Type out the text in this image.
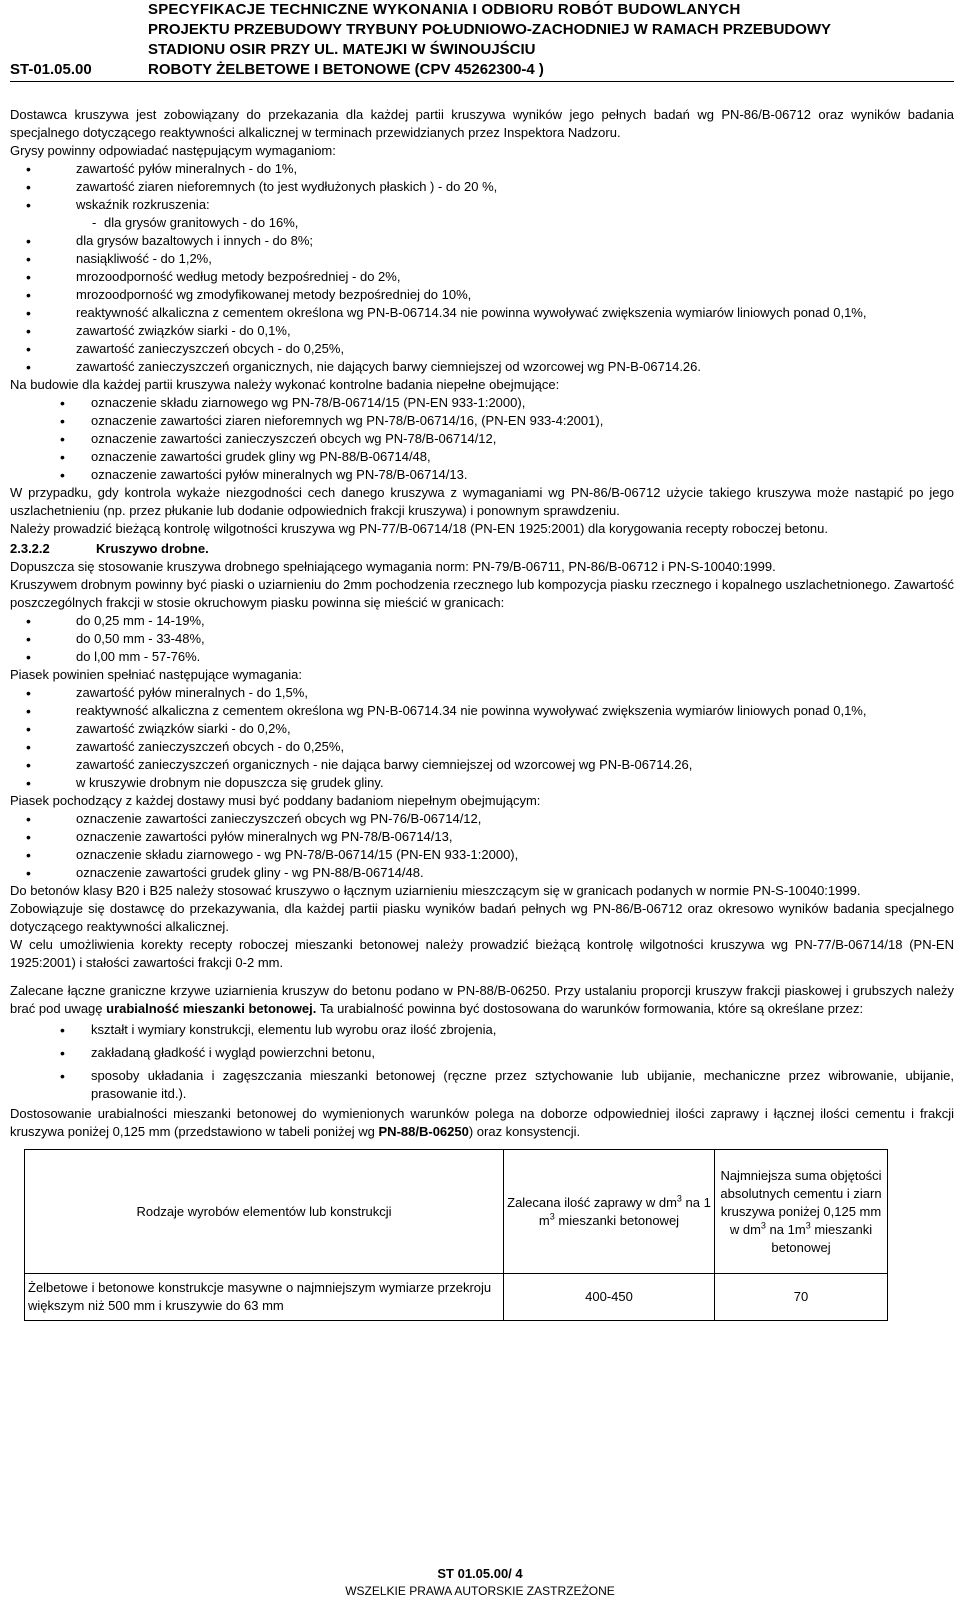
SPECYFIKACJE TECHNICZNE WYKONANIA I ODBIORU ROBÓT BUDOWLANYCH
PROJEKTU PRZEBUDOWY TRYBUNY POŁUDNIOWO-ZACHODNIEJ W RAMACH PRZEBUDOWY
STADIONU OSIR PRZY UL. MATEJKI W ŚWINOUJŚCIU
ST-01.05.00	ROBOTY ŻELBETOWE I BETONOWE (CPV 45262300-4 )

Dostawca kruszywa jest zobowiązany do przekazania dla każdej partii kruszywa wyników jego pełnych badań wg PN-86/B-06712 oraz wyników badania specjalnego dotyczącego reaktywności alkalicznej w terminach przewidzianych przez Inspektora Nadzoru.

Grysy powinny odpowiadać następującym wymaganiom:

• zawartość pyłów mineralnych - do 1%,
• zawartość ziaren nieforemnych (to jest wydłużonych płaskich ) - do 20 %,
• wskaźnik rozkruszenia:
- dla grysów granitowych - do 16%,
• dla grysów bazaltowych i innych - do 8%;
• nasiąkliwość - do 1,2%,
• mrozoodporność według metody bezpośredniej - do 2%,
• mrozoodporność wg zmodyfikowanej metody bezpośredniej do 10%,
• reaktywność alkaliczna z cementem określona wg PN-B-06714.34 nie powinna wywoływać zwiększenia wymiarów liniowych ponad 0,1%,
• zawartość związków siarki - do 0,1%,
• zawartość zanieczyszczeń obcych - do 0,25%,
• zawartość zanieczyszczeń organicznych, nie dających barwy ciemniejszej od wzorcowej wg PN-B-06714.26.

Na budowie dla każdej partii kruszywa należy wykonać kontrolne badania niepełne obejmujące:

• oznaczenie składu ziarnowego wg PN-78/B-06714/15 (PN-EN 933-1:2000),
• oznaczenie zawartości ziaren nieforemnych wg PN-78/B-06714/16, (PN-EN 933-4:2001),
• oznaczenie zawartości zanieczyszczeń obcych wg PN-78/B-06714/12,
• oznaczenie zawartości grudek gliny wg PN-88/B-06714/48,
• oznaczenie zawartości pyłów mineralnych wg PN-78/B-06714/13.

W przypadku, gdy kontrola wykaże niezgodności cech danego kruszywa z wymaganiami wg PN-86/B-06712 użycie takiego kruszywa może nastąpić po jego uszlachetnieniu (np. przez płukanie lub dodanie odpowiednich frakcji kruszywa) i ponownym sprawdzeniu.

Należy prowadzić bieżącą kontrolę wilgotności kruszywa wg PN-77/B-06714/18 (PN-EN 1925:2001) dla korygowania recepty roboczej betonu.

2.3.2.2	Kruszywo drobne.

Dopuszcza się stosowanie kruszywa drobnego spełniającego wymagania norm: PN-79/B-06711, PN-86/B-06712 i PN-S-10040:1999.

Kruszywem drobnym powinny być piaski o uziarnieniu do 2mm pochodzenia rzecznego lub kompozycja piasku rzecznego i kopalnego uszlachetnionego. Zawartość poszczególnych frakcji w stosie okruchowym piasku powinna się mieścić w granicach:

• do 0,25 mm - 14-19%,
• do 0,50 mm - 33-48%,
• do l,00 mm - 57-76%.

Piasek powinien spełniać następujące wymagania:

• zawartość pyłów mineralnych - do 1,5%,
• reaktywność alkaliczna z cementem określona wg PN-B-06714.34 nie powinna wywoływać zwiększenia wymiarów liniowych ponad 0,1%,
• zawartość związków siarki - do 0,2%,
• zawartość zanieczyszczeń obcych - do 0,25%,
• zawartość zanieczyszczeń organicznych - nie dająca barwy ciemniejszej od wzorcowej wg PN-B-06714.26,
• w kruszywie drobnym nie dopuszcza się grudek gliny.

Piasek pochodzący z każdej dostawy musi być poddany badaniom niepełnym obejmującym:

• oznaczenie zawartości zanieczyszczeń obcych wg PN-76/B-06714/12,
• oznaczenie zawartości pyłów mineralnych wg PN-78/B-06714/13,
• oznaczenie składu ziarnowego - wg PN-78/B-06714/15 (PN-EN 933-1:2000),
• oznaczenie zawartości grudek gliny - wg PN-88/B-06714/48.

Do betonów klasy B20 i B25 należy stosować kruszywo o łącznym uziarnieniu mieszczącym się w granicach podanych w normie PN-S-10040:1999.

Zobowiązuje się dostawcę do przekazywania, dla każdej partii piasku wyników badań pełnych wg PN-86/B-06712 oraz okresowo wyników badania specjalnego dotyczącego reaktywności alkalicznej.

W celu umożliwienia korekty recepty roboczej mieszanki betonowej należy prowadzić bieżącą kontrolę wilgotności kruszywa wg PN-77/B-06714/18 (PN-EN 1925:2001) i stałości zawartości frakcji 0-2 mm.

Zalecane łączne graniczne krzywe uziarnienia kruszyw do betonu podano w PN-88/B-06250. Przy ustalaniu proporcji kruszyw frakcji piaskowej i grubszych należy brać pod uwagę urabialność mieszanki betonowej. Ta urabialność powinna być dostosowana do warunków formowania, które są określane przez:

• kształt i wymiary konstrukcji, elementu lub wyrobu oraz ilość zbrojenia,
• zakładaną gładkość i wygląd powierzchni betonu,
• sposoby układania i zagęszczania mieszanki betonowej (ręczne przez sztychowanie lub ubijanie, mechaniczne przez wibrowanie, ubijanie, prasowanie itd.).

Dostosowanie urabialności mieszanki betonowej do wymienionych warunków polega na doborze odpowiedniej ilości zaprawy i łącznej ilości cementu i frakcji kruszywa poniżej 0,125 mm (przedstawiono w tabeli poniżej wg PN-88/B-06250) oraz konsystencji.

Rodzaje wyrobów elementów lub konstrukcji	Zalecana ilość zaprawy w $dm^3$ na 1 $m^3$ mieszanki betonowej	Najmniejsza suma objętości absolutnych cementu i ziarn kruszywa poniżej 0,125 mm w $dm^3$ na $1m^3$ mieszanki betonowej
Żelbetowe i betonowe konstrukcje masywne o najmniejszym wymiarze przekroju większym niż 500 mm i kruszywie do 63 mm	400-450	70
ST 01.05.00/ 4
WSZELKIE PRAWA AUTORSKIE ZASTRZEŻONE
